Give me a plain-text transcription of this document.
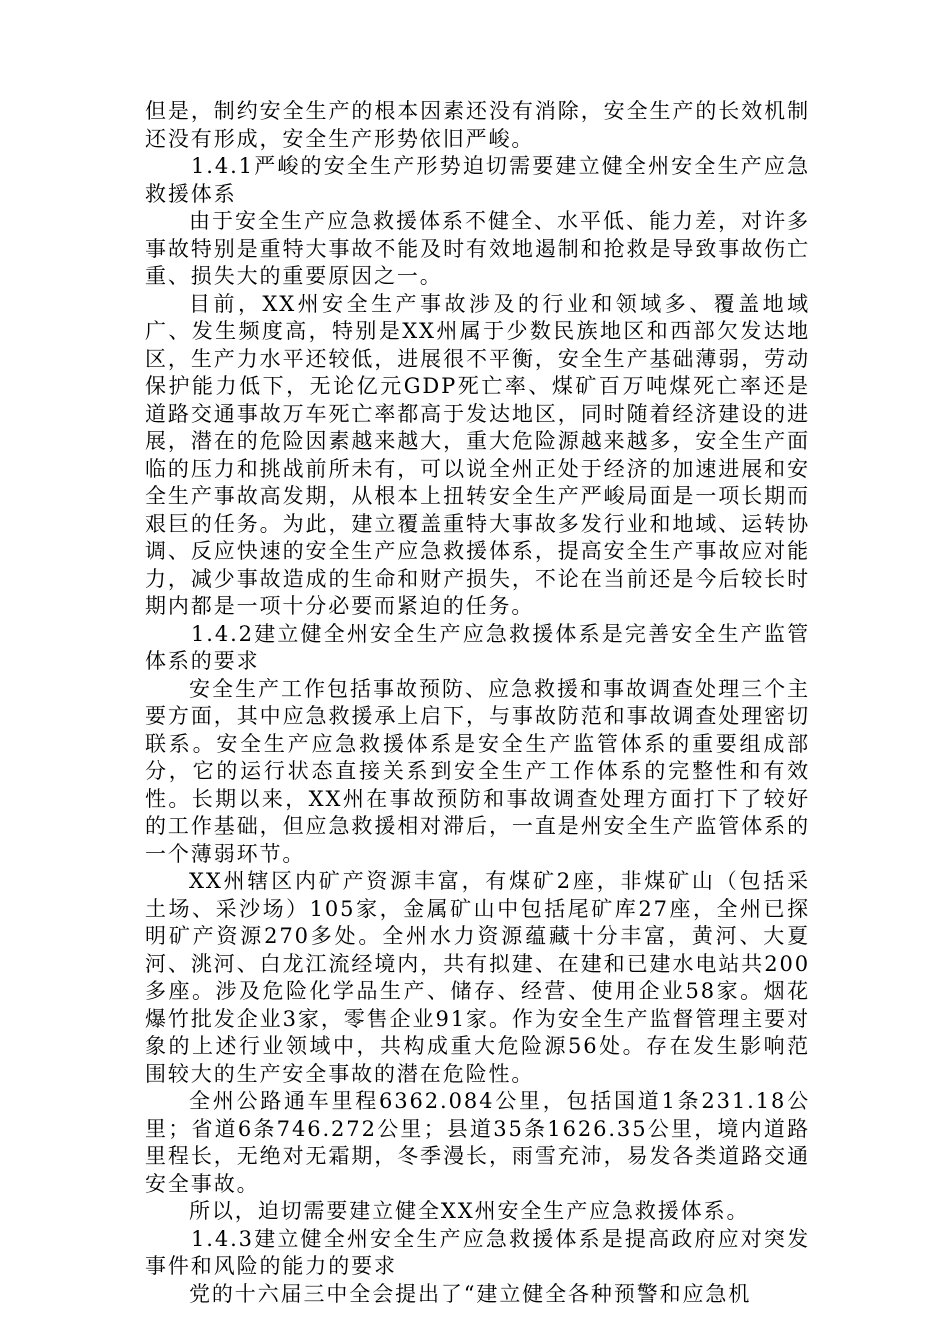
但是，制约安全生产的根本因素还没有消除，安全生产的长效机制还没有形成，安全生产形势依旧严峻。

1.4.1严峻的安全生产形势迫切需要建立健全州安全生产应急救援体系

由于安全生产应急救援体系不健全、水平低、能力差，对许多事故特别是重特大事故不能及时有效地遏制和抢救是导致事故伤亡重、损失大的重要原因之一。

目前，XX州安全生产事故涉及的行业和领域多、覆盖地域广、发生频度高，特别是XX州属于少数民族地区和西部欠发达地区，生产力水平还较低，进展很不平衡，安全生产基础薄弱，劳动保护能力低下，无论亿元GDP死亡率、煤矿百万吨煤死亡率还是道路交通事故万车死亡率都高于发达地区，同时随着经济建设的进展，潜在的危险因素越来越大，重大危险源越来越多，安全生产面临的压力和挑战前所未有，可以说全州正处于经济的加速进展和安全生产事故高发期，从根本上扭转安全生产严峻局面是一项长期而艰巨的任务。为此，建立覆盖重特大事故多发行业和地域、运转协调、反应快速的安全生产应急救援体系，提高安全生产事故应对能力，减少事故造成的生命和财产损失，不论在当前还是今后较长时期内都是一项十分必要而紧迫的任务。

1.4.2建立健全州安全生产应急救援体系是完善安全生产监管体系的要求

安全生产工作包括事故预防、应急救援和事故调查处理三个主要方面，其中应急救援承上启下，与事故防范和事故调查处理密切联系。安全生产应急救援体系是安全生产监管体系的重要组成部分，它的运行状态直接关系到安全生产工作体系的完整性和有效性。长期以来，XX州在事故预防和事故调查处理方面打下了较好的工作基础，但应急救援相对滞后，一直是州安全生产监管体系的一个薄弱环节。

XX州辖区内矿产资源丰富，有煤矿2座，非煤矿山（包括采土场、采沙场）105家，金属矿山中包括尾矿库27座，全州已探明矿产资源270多处。全州水力资源蕴藏十分丰富，黄河、大夏河、洮河、白龙江流经境内，共有拟建、在建和已建水电站共200多座。涉及危险化学品生产、储存、经营、使用企业58家。烟花爆竹批发企业3家，零售企业91家。作为安全生产监督管理主要对象的上述行业领域中，共构成重大危险源56处。存在发生影响范围较大的生产安全事故的潜在危险性。

全州公路通车里程6362.084公里，包括国道1条231.18公里；省道6条746.272公里；县道35条1626.35公里，境内道路里程长，无绝对无霜期，冬季漫长，雨雪充沛，易发各类道路交通安全事故。

所以，迫切需要建立健全XX州安全生产应急救援体系。

1.4.3建立健全州安全生产应急救援体系是提高政府应对突发事件和风险的能力的要求

党的十六届三中全会提出了“建立健全各种预警和应急机
